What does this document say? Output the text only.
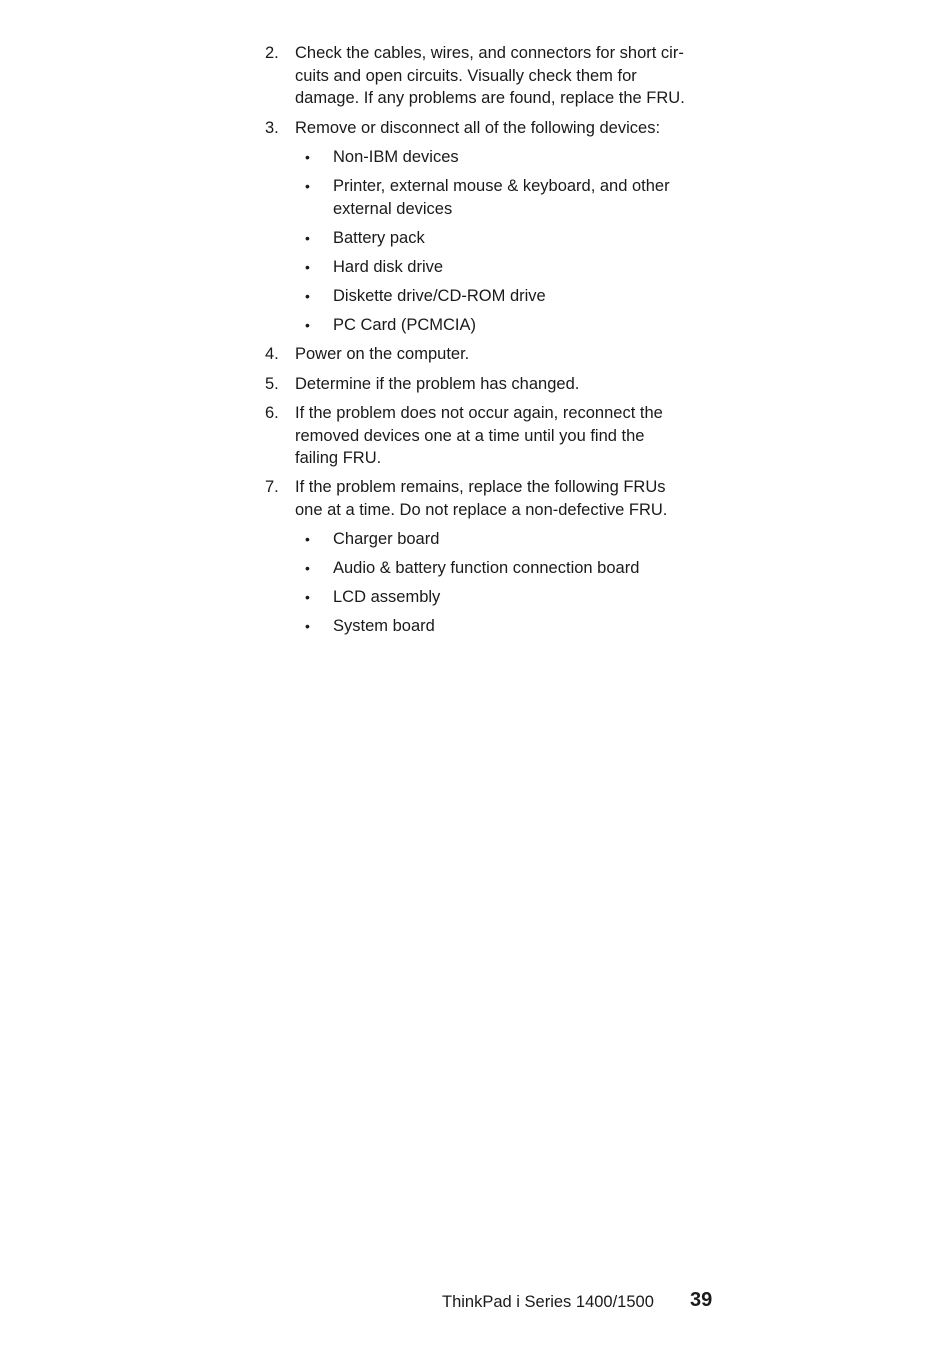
2. Check the cables, wires, and connectors for short cir-
cuits and open circuits. Visually check them for
damage. If any problems are found, replace the FRU.
3. Remove or disconnect all of the following devices:
• Non-IBM devices
• Printer, external mouse & keyboard, and other
external devices
• Battery pack
• Hard disk drive
• Diskette drive/CD-ROM drive
• PC Card (PCMCIA)
4. Power on the computer.
5. Determine if the problem has changed.
6. If the problem does not occur again, reconnect the
removed devices one at a time until you find the
failing FRU.
7. If the problem remains, replace the following FRUs
one at a time. Do not replace a non-defective FRU.
• Charger board
• Audio & battery function connection board
• LCD assembly
• System board
ThinkPad i Series 1400/1500 39
